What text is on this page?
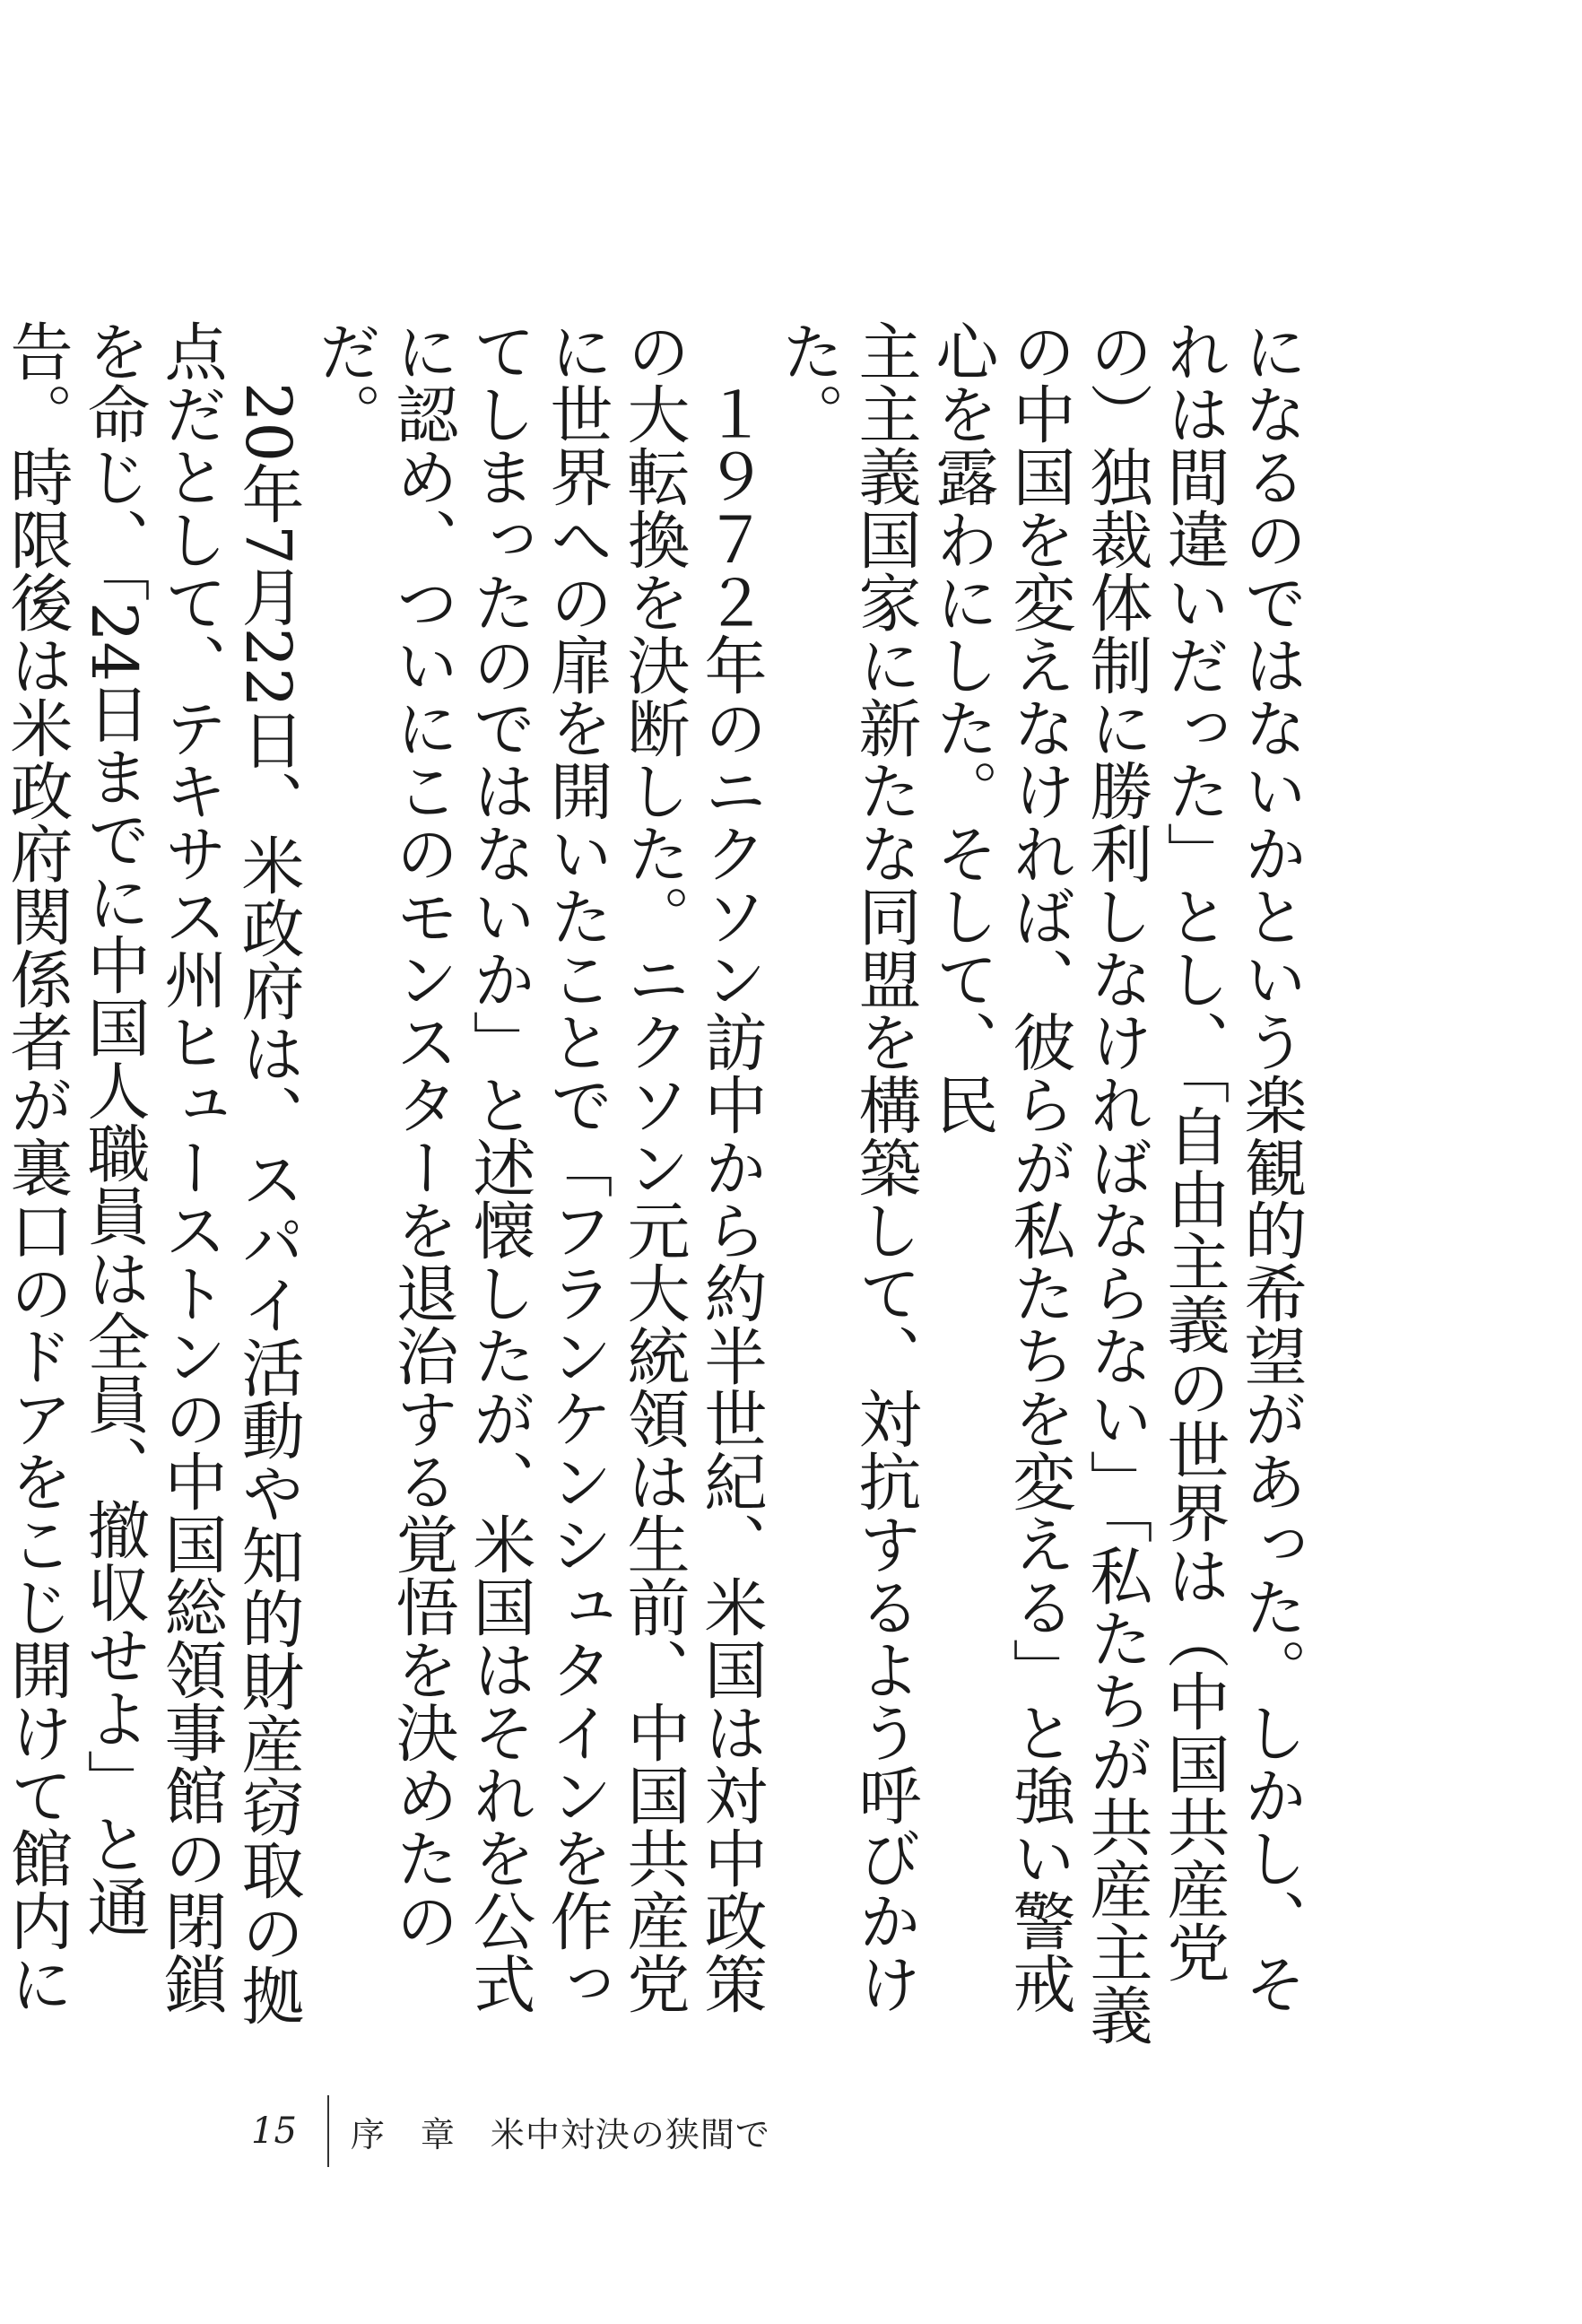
になるのではないかという楽観的希望があった。しかし、それは間違いだった」とし、「自由主義の世界は（中国共産党の）独裁体制に勝利しなければならない」「私たちが共産主義の中国を変えなければ、彼らが私たちを変える」と強い警戒心を露わにした。そして、民

主主義国家に新たな同盟を構築して、対抗するよう呼びかけた。

１９７２年のニクソン訪中から約半世紀、米国は対中政策の大転換を決断した。ニクソン元大統領は生前、中国共産党に世界への扉を開いたことで「フランケンシュタインを作ってしまったのではないか」と述懐したが、米国はそれを公式に認め、ついにこのモンスターを退治する覚悟を決めたのだ。

20年7月22日、米政府は、スパイ活動や知的財産窃取の拠点だとして、テキサス州ヒューストンの中国総領事館の閉鎖を命じ、「24日までに中国人職員は全員、撤収せよ」と通告。時限後は米政府関係者が裏口のドアをこじ開けて館内に

15 序　章　米中対決の狭間で
